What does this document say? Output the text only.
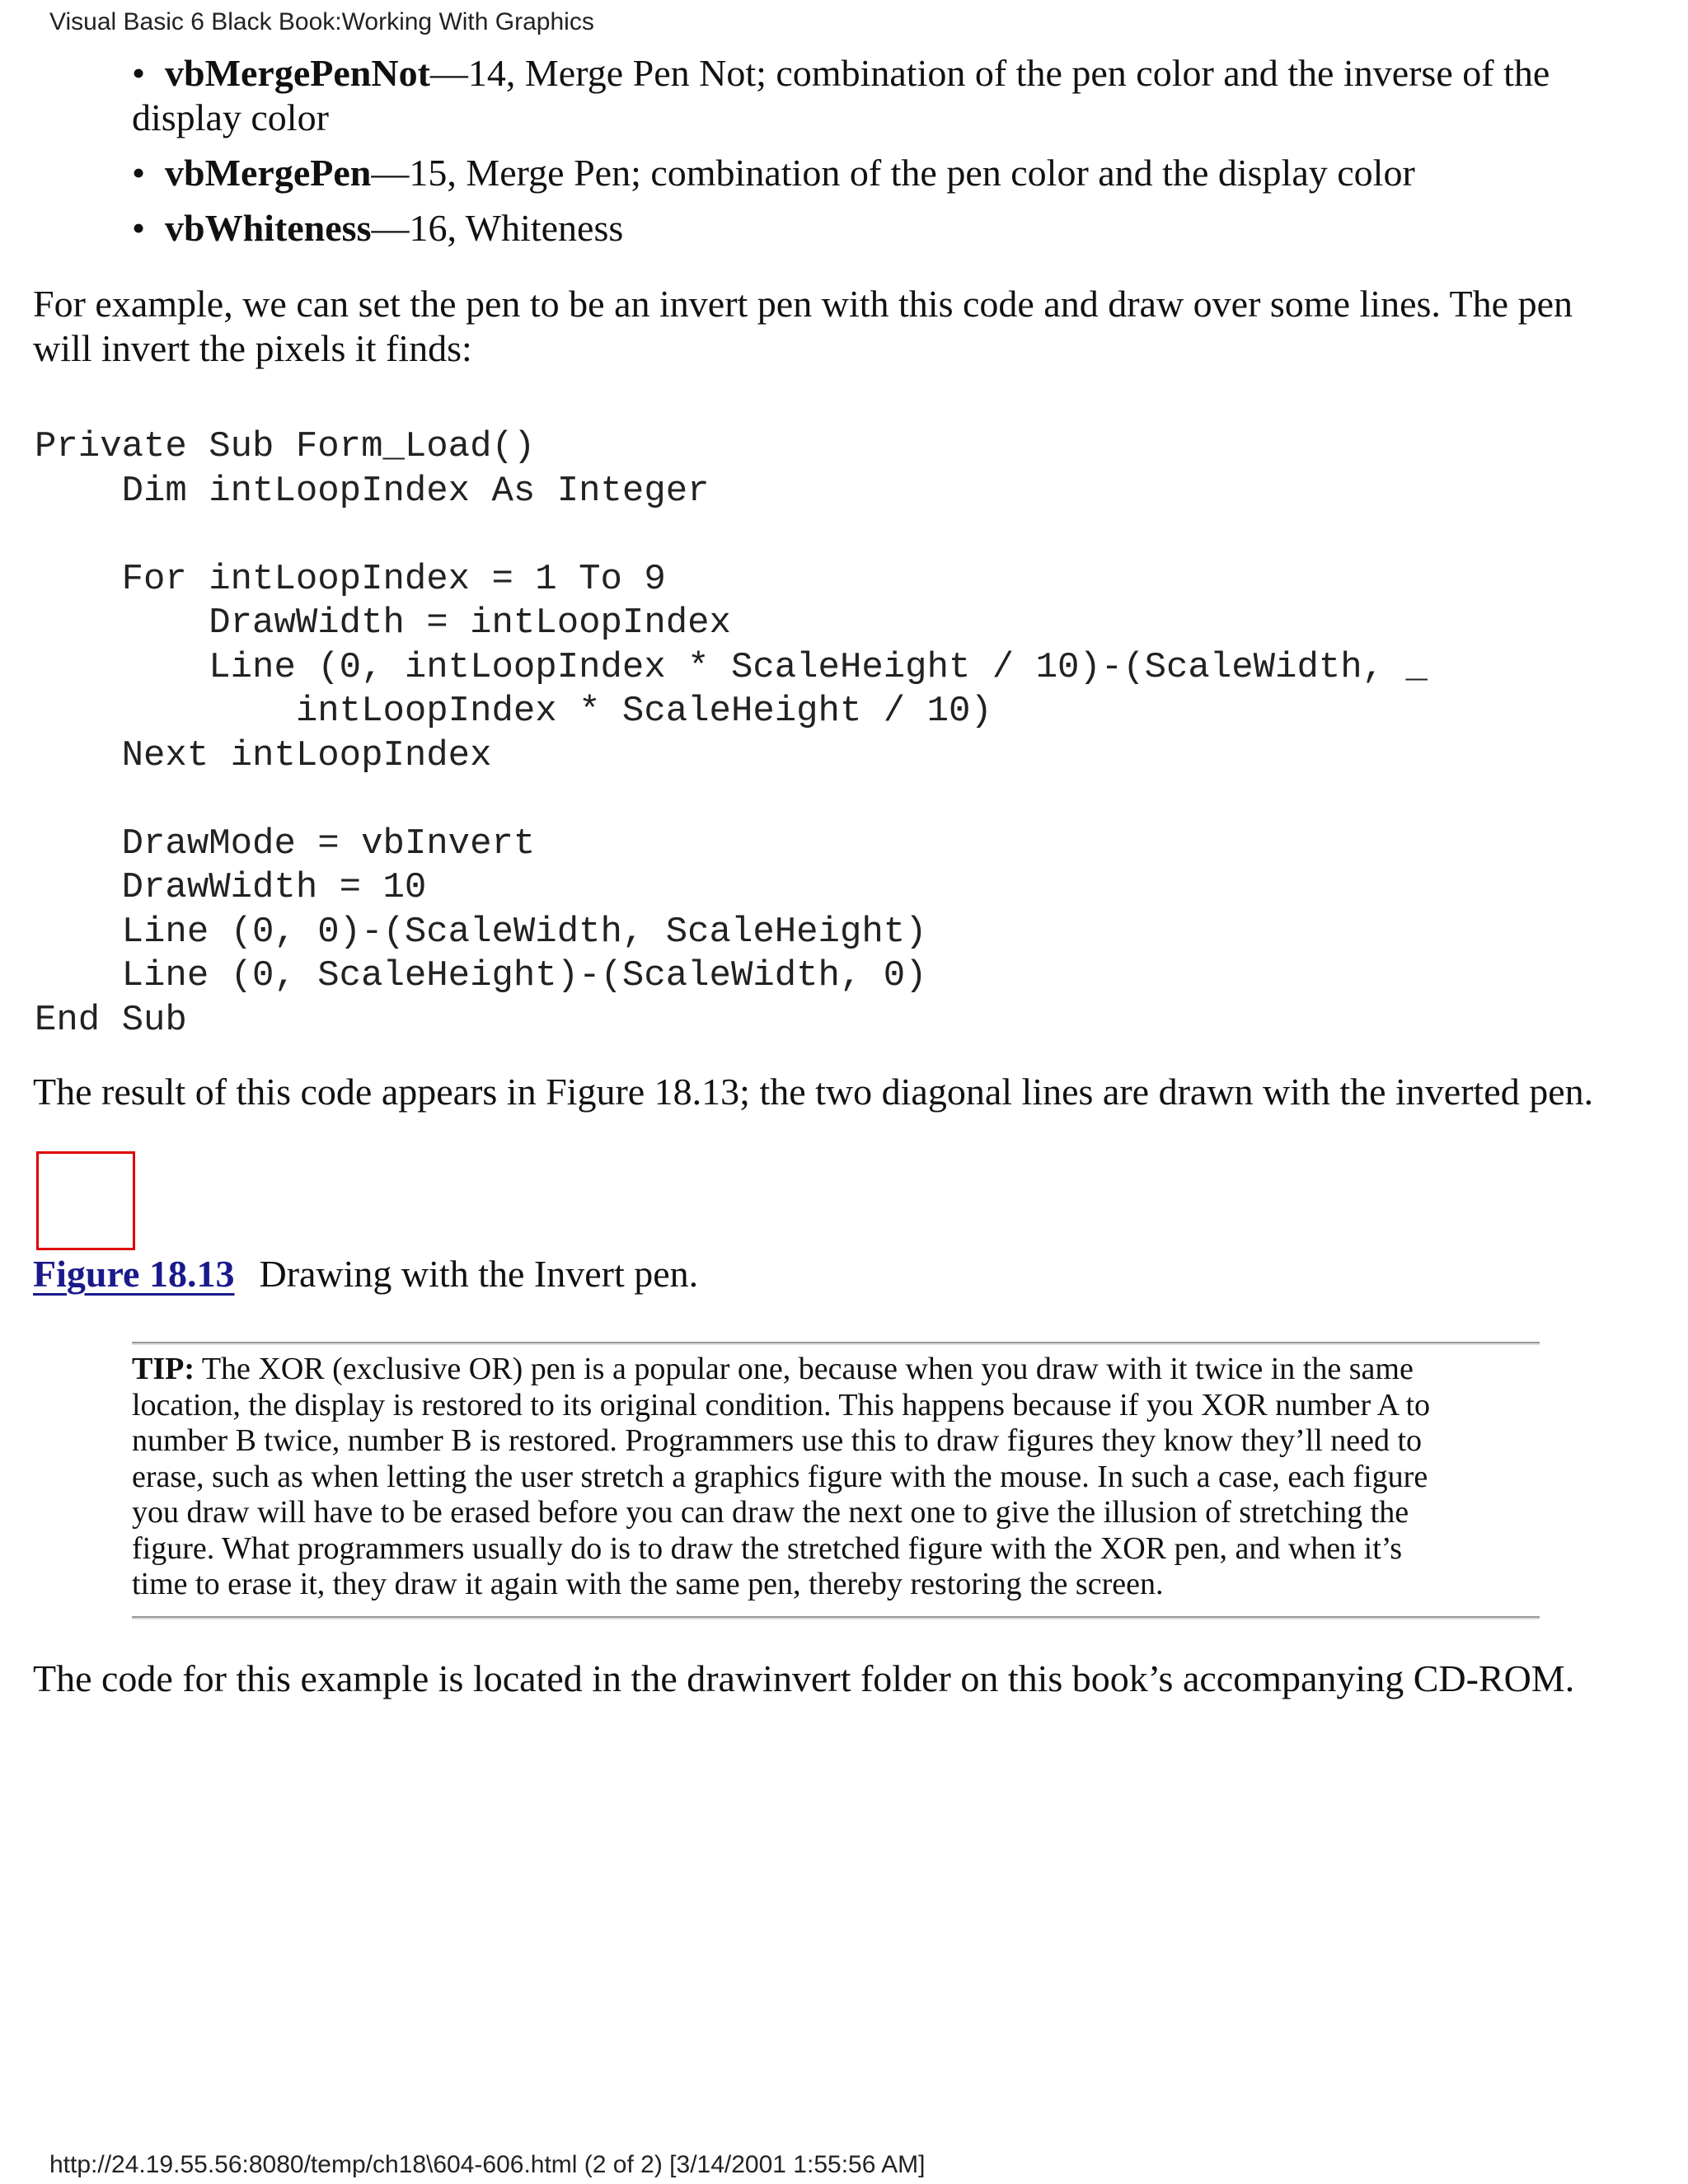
Visual Basic 6 Black Book:Working With Graphics
• vbMergePenNot—14, Merge Pen Not; combination of the pen color and the inverse of the display color
• vbMergePen—15, Merge Pen; combination of the pen color and the display color
• vbWhiteness—16, Whiteness
For example, we can set the pen to be an invert pen with this code and draw over some lines. The pen
will invert the pixels it finds:
Private Sub Form_Load()
Dim intLoopIndex As Integer

For intLoopIndex = 1 To 9
DrawWidth = intLoopIndex
Line (0, intLoopIndex * ScaleHeight / 10)-(ScaleWidth, _
intLoopIndex * ScaleHeight / 10)
Next intLoopIndex

DrawMode = vbInvert
DrawWidth = 10
Line (0, 0)-(ScaleWidth, ScaleHeight)
Line (0, ScaleHeight)-(ScaleWidth, 0)
End Sub
The result of this code appears in Figure 18.13; the two diagonal lines are drawn with the inverted pen.
Figure 18.13 Drawing with the Invert pen.
TIP: The XOR (exclusive OR) pen is a popular one, because when you draw with it twice in the same
location, the display is restored to its original condition. This happens because if you XOR number A to
number B twice, number B is restored. Programmers use this to draw figures they know they’ll need to
erase, such as when letting the user stretch a graphics figure with the mouse. In such a case, each figure
you draw will have to be erased before you can draw the next one to give the illusion of stretching the
figure. What programmers usually do is to draw the stretched figure with the XOR pen, and when it’s
time to erase it, they draw it again with the same pen, thereby restoring the screen.
The code for this example is located in the drawinvert folder on this book’s accompanying CD-ROM.
http://24.19.55.56:8080/temp/ch18\604-606.html (2 of 2) [3/14/2001 1:55:56 AM]
